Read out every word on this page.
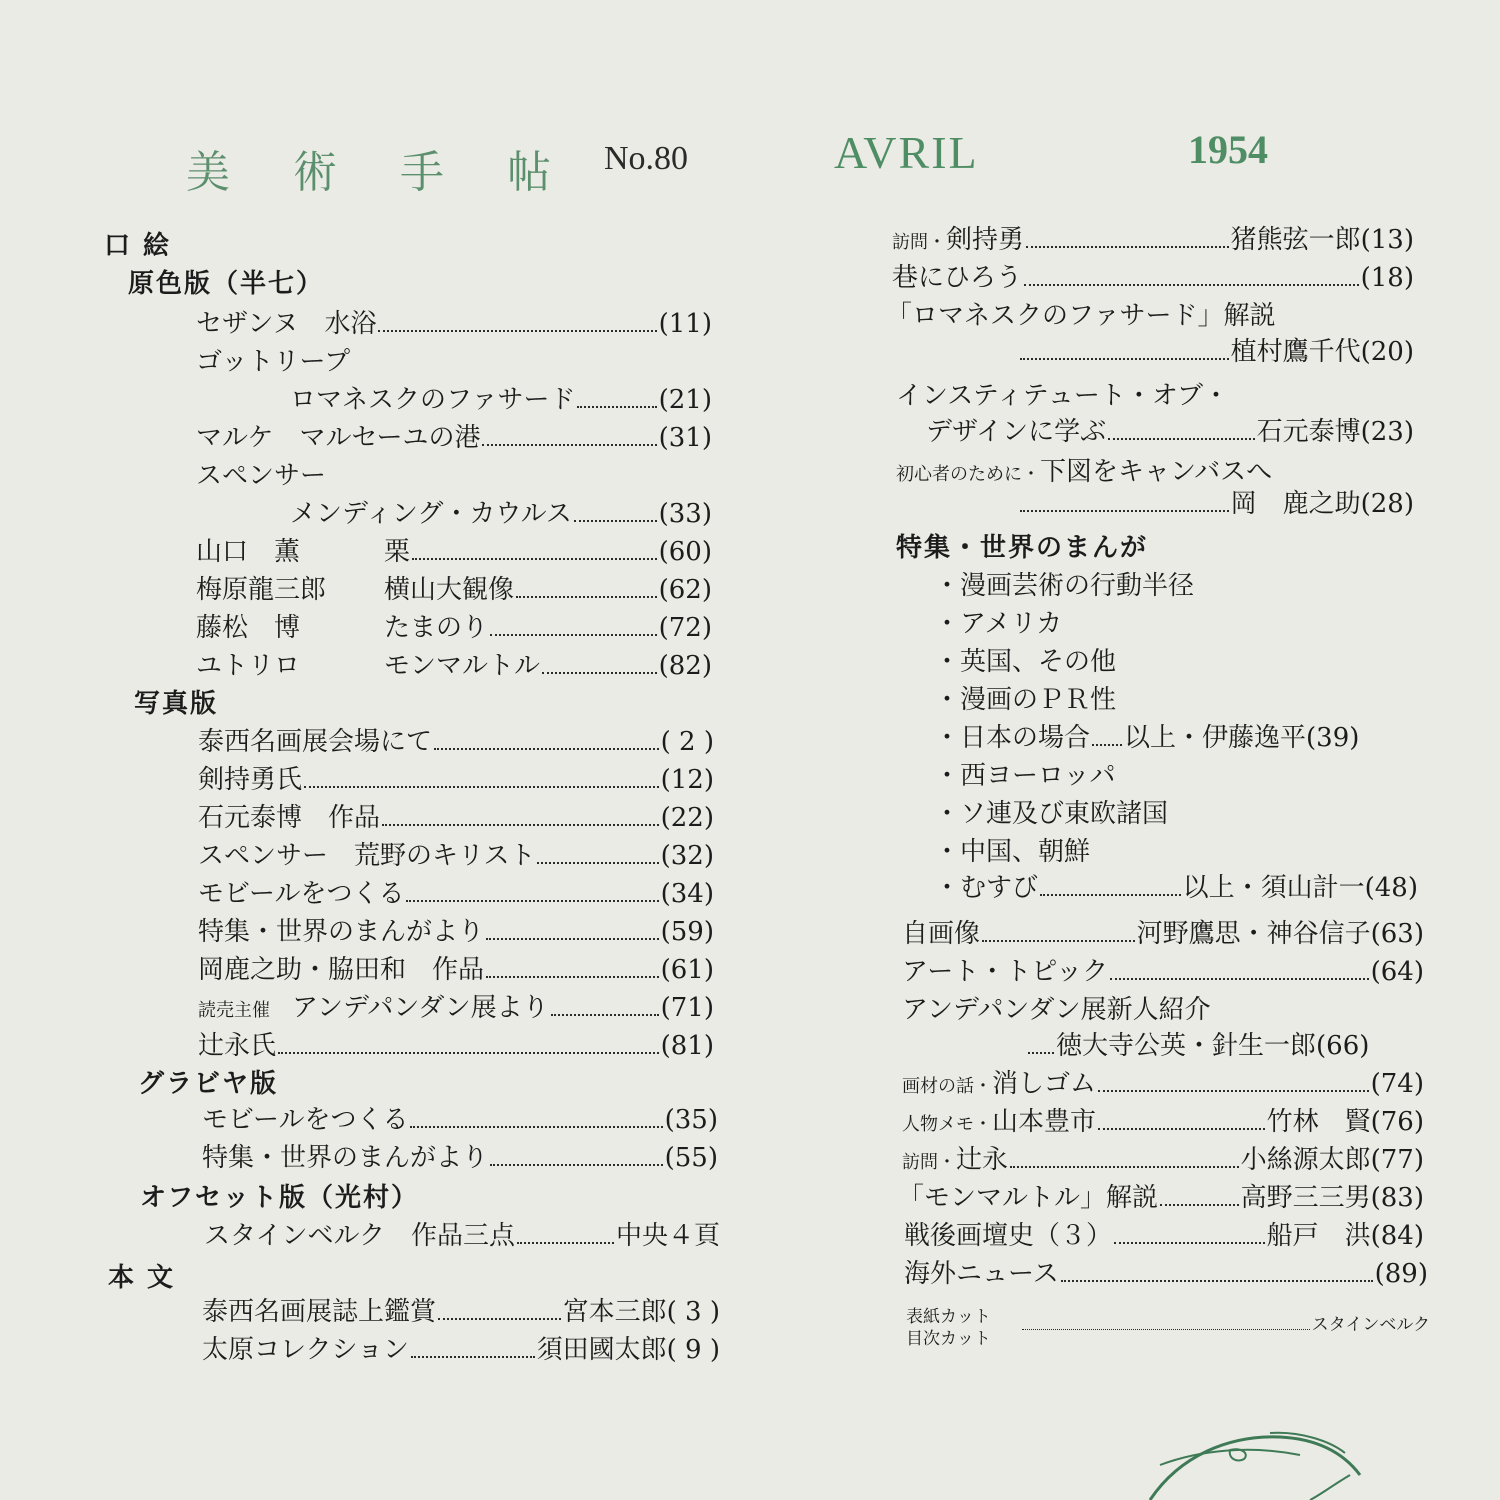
美 術 手 帖 No.80	AVRIL	1954
口 絵
原色版（半七）
セザンヌ　水浴	(11)
ゴットリープ
ロマネスクのファサード	(21)
マルケ　マルセーユの港	(31)
スペンサー
メンディング・カウルス	(33)
山口　薫	栗	(60)
梅原龍三郎	横山大観像	(62)
藤松　博	たまのり	(72)
ユトリロ	モンマルトル	(82)
写真版
泰西名画展会場にて	( 2 )
剣持勇氏	(12)
石元泰博　作品	(22)
スペンサー　荒野のキリスト	(32)
モビールをつくる	(34)
特集・世界のまんがより	(59)
岡鹿之助・脇田和　作品	(61)
読売主催 アンデパンダン展より	(71)
辻永氏	(81)
グラビヤ版
モビールをつくる	(35)
特集・世界のまんがより	(55)
オフセット版（光村）
スタインベルク　作品三点	中央４頁
本 文
泰西名画展誌上鑑賞	宮本三郎 ( 3 )
太原コレクション	須田國太郎 ( 9 )
訪問・ 剣持勇	猪熊弦一郎 (13)
巷にひろう	(18)
「ロマネスクのファサード」解説
植村鷹千代 (20)
インスティテュート・オブ・
デザインに学ぶ	石元泰博 (23)
初心者のために・下図をキャンバスへ
岡　鹿之助 (28)
特集・世界のまんが
・漫画芸術の行動半径
・アメリカ
・英国、その他
・漫画のＰＲ性
・日本の場合 以上・伊藤逸平 (39)
・西ヨーロッパ
・ソ連及び東欧諸国
・中国、朝鮮
・むすび	以上・須山計一 (48)
自画像	河野鷹思・神谷信子 (63)
アート・トピック	(64)
アンデパンダン展新人紹介
徳大寺公英・針生一郎 (66)
画材の話・ 消しゴム	(74)
人物メモ・ 山本豊市	竹林　賢 (76)
訪問・ 辻永	小絲源太郎 (77)
「モンマルトル」解説	高野三三男 (83)
戦後画壇史（３）	船戸　洪 (84)
海外ニュース	(89)
表紙カット
目次カット
スタインベルク
